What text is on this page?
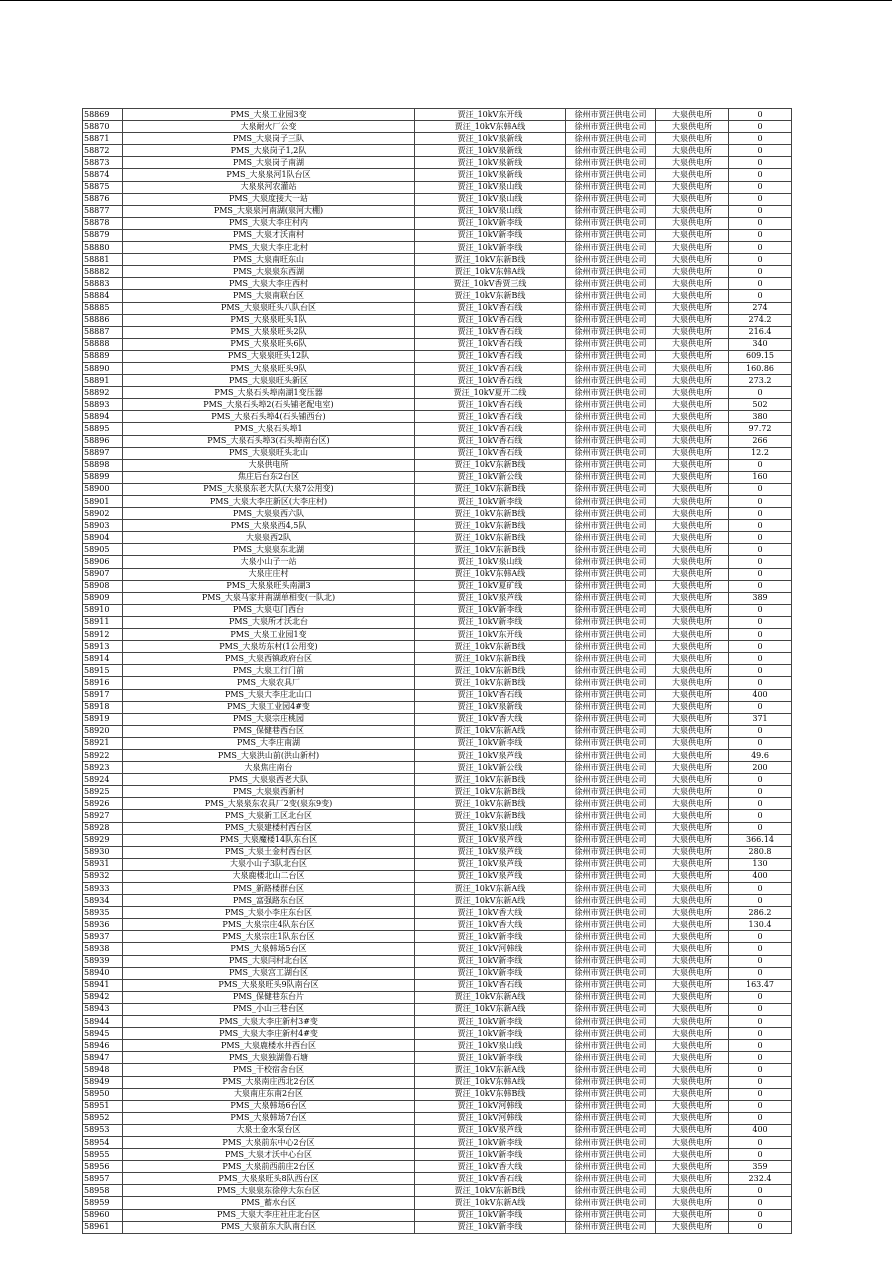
58869	PMS_大泉工业园3变	贾汪_10kV东开线	徐州市贾汪供电公司	大泉供电所	0
58870	大泉耐火厂公变	贾汪_10kV东韩A线	徐州市贾汪供电公司	大泉供电所	0
58871	PMS_大泉岗子三队	贾汪_10kV泉新线	徐州市贾汪供电公司	大泉供电所	0
58872	PMS_大泉岗子1,2队	贾汪_10kV泉新线	徐州市贾汪供电公司	大泉供电所	0
58873	PMS_大泉岗子南湖	贾汪_10kV泉新线	徐州市贾汪供电公司	大泉供电所	0
58874	PMS_大泉泉河1队台区	贾汪_10kV泉新线	徐州市贾汪供电公司	大泉供电所	0
58875	大泉泉河农灌站	贾汪_10kV泉山线	徐州市贾汪供电公司	大泉供电所	0
58876	PMS_大泉度接大一站	贾汪_10kV泉山线	徐州市贾汪供电公司	大泉供电所	0
58877	PMS_大泉泉河南湖(泉河大棚)	贾汪_10kV泉山线	徐州市贾汪供电公司	大泉供电所	0
58878	PMS_大泉大李庄村内	贾汪_10kV新李线	徐州市贾汪供电公司	大泉供电所	0
58879	PMS_大泉才沃南村	贾汪_10kV新李线	徐州市贾汪供电公司	大泉供电所	0
58880	PMS_大泉大李庄北村	贾汪_10kV新李线	徐州市贾汪供电公司	大泉供电所	0
58881	PMS_大泉南旺东山	贾汪_10kV东新B线	徐州市贾汪供电公司	大泉供电所	0
58882	PMS_大泉泉东西湖	贾汪_10kV东韩A线	徐州市贾汪供电公司	大泉供电所	0
58883	PMS_大泉大李庄西村	贾汪_10kV香贾三线	徐州市贾汪供电公司	大泉供电所	0
58884	PMS_大泉南联台区	贾汪_10kV东新B线	徐州市贾汪供电公司	大泉供电所	0
58885	PMS_大泉泉旺头八队台区	贾汪_10kV香石线	徐州市贾汪供电公司	大泉供电所	274
58886	PMS_大泉泉旺头1队	贾汪_10kV香石线	徐州市贾汪供电公司	大泉供电所	274.2
58887	PMS_大泉泉旺头2队	贾汪_10kV香石线	徐州市贾汪供电公司	大泉供电所	216.4
58888	PMS_大泉泉旺头6队	贾汪_10kV香石线	徐州市贾汪供电公司	大泉供电所	340
58889	PMS_大泉泉旺头12队	贾汪_10kV香石线	徐州市贾汪供电公司	大泉供电所	609.15
58890	PMS_大泉泉旺头9队	贾汪_10kV香石线	徐州市贾汪供电公司	大泉供电所	160.86
58891	PMS_大泉泉旺头新区	贾汪_10kV香石线	徐州市贾汪供电公司	大泉供电所	273.2
58892	PMS_大泉石头埠南湖1变压器	贾汪_10kV夏开二线	徐州市贾汪供电公司	大泉供电所	0
58893	PMS_大泉石头埠2(石头铺老配电室)	贾汪_10kV香石线	徐州市贾汪供电公司	大泉供电所	502
58894	PMS_大泉石头埠4(石头铺西台)	贾汪_10kV香石线	徐州市贾汪供电公司	大泉供电所	380
58895	PMS_大泉石头埠1	贾汪_10kV香石线	徐州市贾汪供电公司	大泉供电所	97.72
58896	PMS_大泉石头埠3(石头埠南台区)	贾汪_10kV香石线	徐州市贾汪供电公司	大泉供电所	266
58897	PMS_大泉泉旺头北山	贾汪_10kV香石线	徐州市贾汪供电公司	大泉供电所	12.2
58898	大泉供电所	贾汪_10kV东新B线	徐州市贾汪供电公司	大泉供电所	0
58899	焦庄后台东2台区	贾汪_10kV新公线	徐州市贾汪供电公司	大泉供电所	160
58900	PMS_大泉泉东老大队(大泉7公用变)	贾汪_10kV东新B线	徐州市贾汪供电公司	大泉供电所	0
58901	PMS_大泉大李庄新区(大李庄村)	贾汪_10kV新李线	徐州市贾汪供电公司	大泉供电所	0
58902	PMS_大泉泉西六队	贾汪_10kV东新B线	徐州市贾汪供电公司	大泉供电所	0
58903	PMS_大泉泉西4,5队	贾汪_10kV东新B线	徐州市贾汪供电公司	大泉供电所	0
58904	大泉泉西2队	贾汪_10kV东新B线	徐州市贾汪供电公司	大泉供电所	0
58905	PMS_大泉泉东北湖	贾汪_10kV东新B线	徐州市贾汪供电公司	大泉供电所	0
58906	大泉小山子一站	贾汪_10kV泉山线	徐州市贾汪供电公司	大泉供电所	0
58907	大泉庄庄村	贾汪_10kV东韩A线	徐州市贾汪供电公司	大泉供电所	0
58908	PMS_大泉泉旺头南湖3	贾汪_10kV夏矿线	徐州市贾汪供电公司	大泉供电所	0
58909	PMS_大泉马家井南湖单相变(一队北)	贾汪_10kV泉芦线	徐州市贾汪供电公司	大泉供电所	389
58910	PMS_大泉屯门西台	贾汪_10kV新李线	徐州市贾汪供电公司	大泉供电所	0
58911	PMS_大泉所才沃北台	贾汪_10kV新李线	徐州市贾汪供电公司	大泉供电所	0
58912	PMS_大泉工业园1变	贾汪_10kV东开线	徐州市贾汪供电公司	大泉供电所	0
58913	PMS_大泉坊东村(1公用变)	贾汪_10kV东新B线	徐州市贾汪供电公司	大泉供电所	0
58914	PMS_大泉西镇政府台区	贾汪_10kV东新B线	徐州市贾汪供电公司	大泉供电所	0
58915	PMS_大泉工行门前	贾汪_10kV东新B线	徐州市贾汪供电公司	大泉供电所	0
58916	PMS_大泉农具厂	贾汪_10kV东新B线	徐州市贾汪供电公司	大泉供电所	0
58917	PMS_大泉大李庄北山口	贾汪_10kV香石线	徐州市贾汪供电公司	大泉供电所	400
58918	PMS_大泉工业园4#变	贾汪_10kV泉新线	徐州市贾汪供电公司	大泉供电所	0
58919	PMS_大泉宗庄桃园	贾汪_10kV香大线	徐州市贾汪供电公司	大泉供电所	371
58920	PMS_保健巷西台区	贾汪_10kV东新A线	徐州市贾汪供电公司	大泉供电所	0
58921	PMS_大李庄南湖	贾汪_10kV新李线	徐州市贾汪供电公司	大泉供电所	0
58922	PMS_大泉洪山前(洪山新村)	贾汪_10kV泉芦线	徐州市贾汪供电公司	大泉供电所	49.6
58923	大泉焦庄南台	贾汪_10kV新公线	徐州市贾汪供电公司	大泉供电所	200
58924	PMS_大泉泉西老大队	贾汪_10kV东新B线	徐州市贾汪供电公司	大泉供电所	0
58925	PMS_大泉泉西新村	贾汪_10kV东新B线	徐州市贾汪供电公司	大泉供电所	0
58926	PMS_大泉泉东农具厂2变(泉东9变)	贾汪_10kV东新B线	徐州市贾汪供电公司	大泉供电所	0
58927	PMS_大泉新工区北台区	贾汪_10kV东新B线	徐州市贾汪供电公司	大泉供电所	0
58928	PMS_大泉建楼村西台区	贾汪_10kV泉山线	徐州市贾汪供电公司	大泉供电所	0
58929	PMS_大泉魔楼14队东台区	贾汪_10kV泉芦线	徐州市贾汪供电公司	大泉供电所	366.14
58930	PMS_大泉土金村西台区	贾汪_10kV泉芦线	徐州市贾汪供电公司	大泉供电所	280.8
58931	大泉小山子3队北台区	贾汪_10kV泉芦线	徐州市贾汪供电公司	大泉供电所	130
58932	大泉鹿楼北山二台区	贾汪_10kV泉芦线	徐州市贾汪供电公司	大泉供电所	400
58933	PMS_新路楼群台区	贾汪_10kV东新A线	徐州市贾汪供电公司	大泉供电所	0
58934	PMS_富强路东台区	贾汪_10kV东新A线	徐州市贾汪供电公司	大泉供电所	0
58935	PMS_大泉小李庄东台区	贾汪_10kV香大线	徐州市贾汪供电公司	大泉供电所	286.2
58936	PMS_大泉宗庄4队东台区	贾汪_10kV香大线	徐州市贾汪供电公司	大泉供电所	130.4
58937	PMS_大泉宗庄1队东台区	贾汪_10kV新李线	徐州市贾汪供电公司	大泉供电所	0
58938	PMS_大泉韩场5台区	贾汪_10kV河韩线	徐州市贾汪供电公司	大泉供电所	0
58939	PMS_大泉闫村北台区	贾汪_10kV新李线	徐州市贾汪供电公司	大泉供电所	0
58940	PMS_大泉宫工湖台区	贾汪_10kV新李线	徐州市贾汪供电公司	大泉供电所	0
58941	PMS_大泉泉旺头9队南台区	贾汪_10kV香石线	徐州市贾汪供电公司	大泉供电所	163.47
58942	PMS_保健巷东台片	贾汪_10kV东新A线	徐州市贾汪供电公司	大泉供电所	0
58943	PMS_小山三巷台区	贾汪_10kV东新A线	徐州市贾汪供电公司	大泉供电所	0
58944	PMS_大泉大李庄新村3#变	贾汪_10kV新李线	徐州市贾汪供电公司	大泉供电所	0
58945	PMS_大泉大李庄新村4#变	贾汪_10kV新李线	徐州市贾汪供电公司	大泉供电所	0
58946	PMS_大泉鹿楼水井西台区	贾汪_10kV泉山线	徐州市贾汪供电公司	大泉供电所	0
58947	PMS_大泉独湖鲁石塘	贾汪_10kV新李线	徐州市贾汪供电公司	大泉供电所	0
58948	PMS_干校宿舍台区	贾汪_10kV东新A线	徐州市贾汪供电公司	大泉供电所	0
58949	PMS_大泉南庄西北2台区	贾汪_10kV东韩A线	徐州市贾汪供电公司	大泉供电所	0
58950	大泉南庄东南2台区	贾汪_10kV东韩B线	徐州市贾汪供电公司	大泉供电所	0
58951	PMS_大泉韩场6台区	贾汪_10kV河韩线	徐州市贾汪供电公司	大泉供电所	0
58952	PMS_大泉韩场7台区	贾汪_10kV河韩线	徐州市贾汪供电公司	大泉供电所	0
58953	大泉土金水泵台区	贾汪_10kV泉芦线	徐州市贾汪供电公司	大泉供电所	400
58954	PMS_大泉前东中心2台区	贾汪_10kV新李线	徐州市贾汪供电公司	大泉供电所	0
58955	PMS_大泉才沃中心台区	贾汪_10kV新李线	徐州市贾汪供电公司	大泉供电所	0
58956	PMS_大泉前西前庄2台区	贾汪_10kV香大线	徐州市贾汪供电公司	大泉供电所	359
58957	PMS_大泉泉旺头8队西台区	贾汪_10kV香石线	徐州市贾汪供电公司	大泉供电所	232.4
58958	PMS_大泉泉东徐停大东台区	贾汪_10kV东新B线	徐州市贾汪供电公司	大泉供电所	0
58959	PMS_蓄水台区	贾汪_10kV东新A线	徐州市贾汪供电公司	大泉供电所	0
58960	PMS_大泉大李庄社庄北台区	贾汪_10kV新李线	徐州市贾汪供电公司	大泉供电所	0
58961	PMS_大泉前东大队南台区	贾汪_10kV新李线	徐州市贾汪供电公司	大泉供电所	0
